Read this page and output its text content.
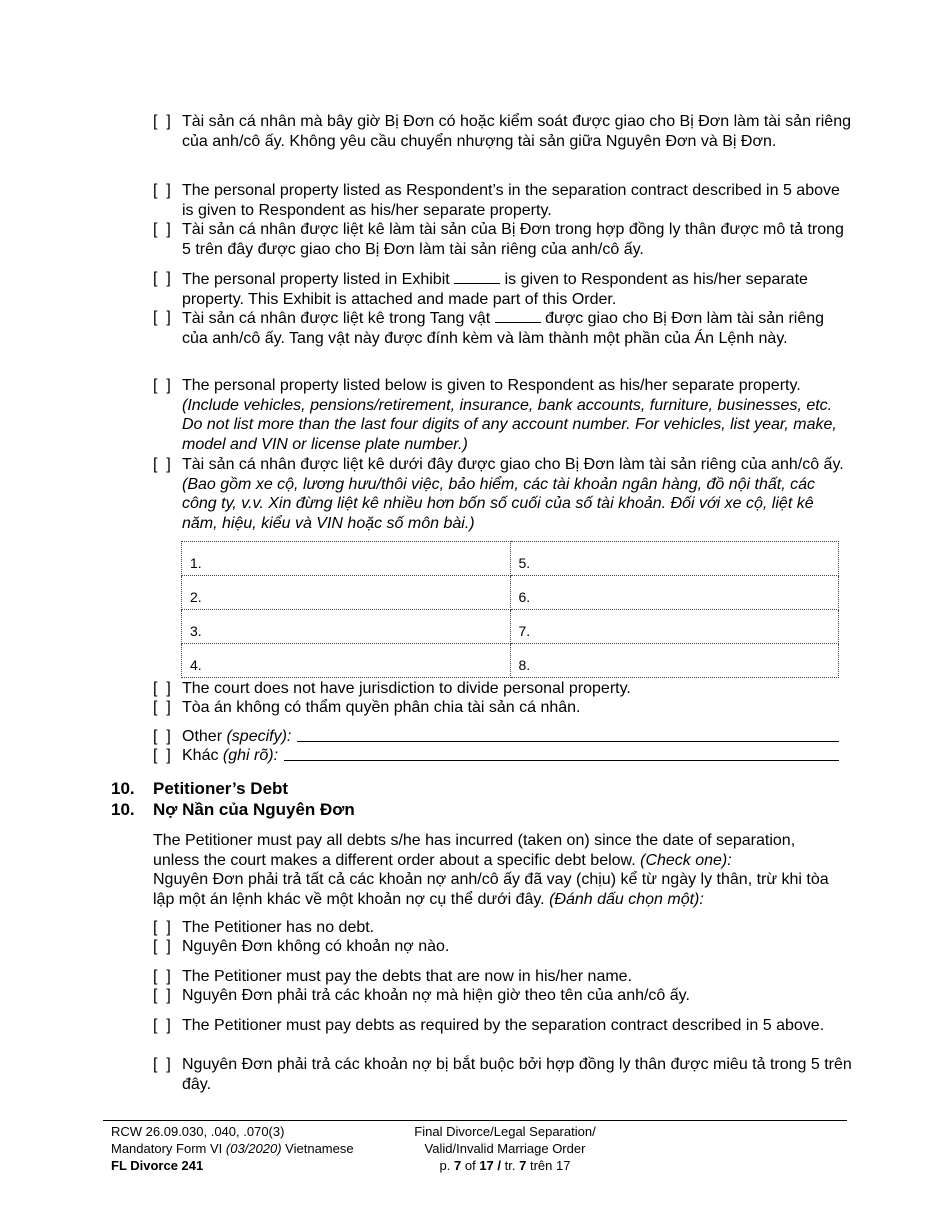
[  ] Tài sản cá nhân mà bây giờ Bị Đơn có hoặc kiểm soát được giao cho Bị Đơn làm tài sản riêng của anh/cô ấy. Không yêu cầu chuyển nhượng tài sản giữa Nguyên Đơn và Bị Đơn.
[  ] The personal property listed as Respondent’s in the separation contract described in 5 above is given to Respondent as his/her separate property.
[  ] Tài sản cá nhân được liệt kê làm tài sản của Bị Đơn trong hợp đồng ly thân được mô tả trong 5 trên đây được giao cho Bị Đơn làm tài sản riêng của anh/cô ấy.
[  ] The personal property listed in Exhibit	is given to Respondent as his/her separate property. This Exhibit is attached and made part of this Order.
[  ] Tài sản cá nhân được liệt kê trong Tang vật	được giao cho Bị Đơn làm tài sản riêng của anh/cô ấy. Tang vật này được đính kèm và làm thành một phần của Án Lệnh này.
[  ] The personal property listed below is given to Respondent as his/her separate property. (Include vehicles, pensions/retirement, insurance, bank accounts, furniture, businesses, etc. Do not list more than the last four digits of any account number. For vehicles, list year, make, model and VIN or license plate number.)
[  ] Tài sản cá nhân được liệt kê dưới đây được giao cho Bị Đơn làm tài sản riêng của anh/cô ấy. (Bao gồm xe cộ, lương hưu/thôi việc, bảo hiểm, các tài khoản ngân hàng, đồ nội thất, các công ty, v.v. Xin đừng liệt kê nhiều hơn bốn số cuối của số tài khoản. Đối với xe cộ, liệt kê năm, hiệu, kiểu và VIN hoặc số môn bài.)
1.	5.
2.	6.
3.	7.
4.	8.
[  ] The court does not have jurisdiction to divide personal property.
[  ] Tòa án không có thẩm quyền phân chia tài sản cá nhân.
[  ] Other
(specify):
[  ] Khác
(ghi rõ):
10. Petitioner’s Debt
10. Nợ Nần của Nguyên Đơn
The Petitioner must pay all debts s/he has incurred (taken on) since the date of separation, unless the court makes a different order about a specific debt below. (Check one):
Nguyên Đơn phải trả tất cả các khoản nợ anh/cô ấy đã vay (chịu) kể từ ngày ly thân, trừ khi tòa lập một án lệnh khác về một khoản nợ cụ thể dưới đây. (Đánh dấu chọn một):
[  ] The Petitioner has no debt.
[  ] Nguyên Đơn không có khoản nợ nào.
[  ] The Petitioner must pay the debts that are now in his/her name.
[  ] Nguyên Đơn phải trả các khoản nợ mà hiện giờ theo tên của anh/cô ấy.
[  ] The Petitioner must pay debts as required by the separation contract described in 5 above.
[  ] Nguyên Đơn phải trả các khoản nợ bị bắt buộc bởi hợp đồng ly thân được miêu tả trong 5 trên đây.
RCW 26.09.030, .040, .070(3)
Mandatory Form VI (03/2020) Vietnamese
FL Divorce 241
Final Divorce/Legal Separation/
Valid/Invalid Marriage Order
p. 7 of 17 / tr. 7 trên 17
